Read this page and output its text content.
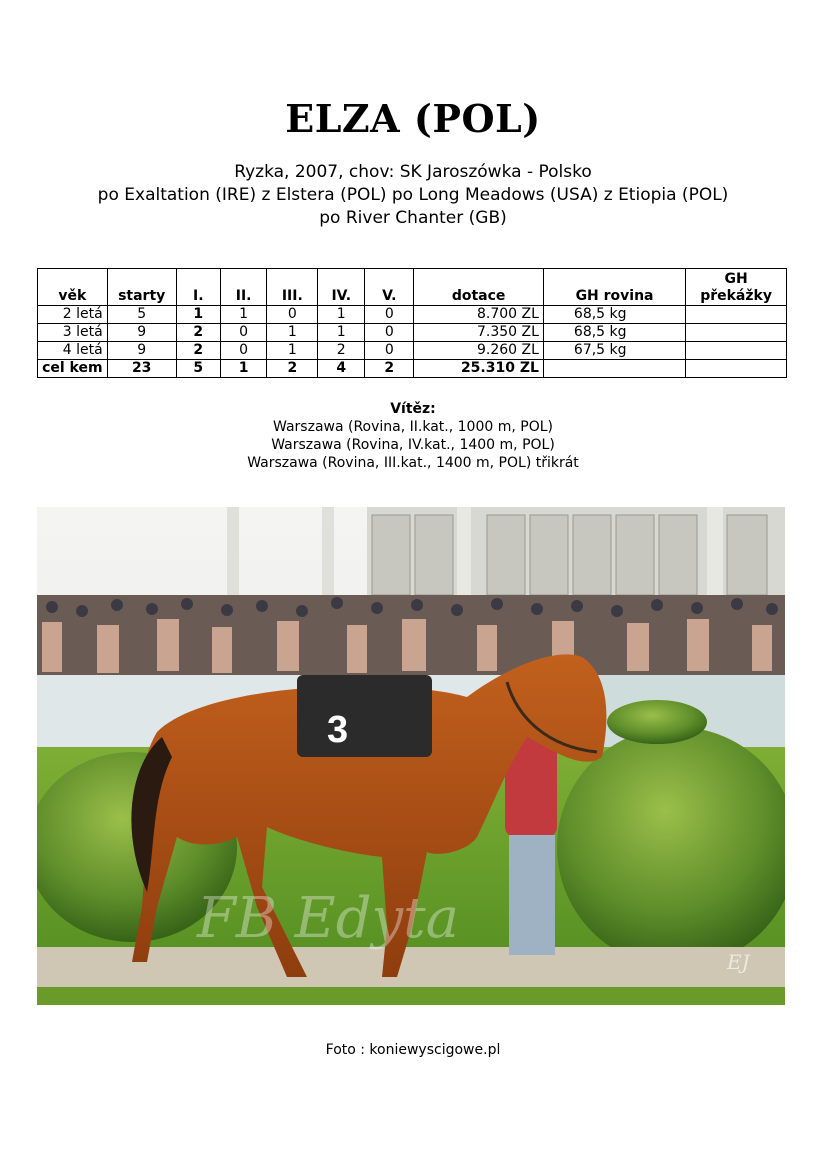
ELZA (POL)
Ryzka, 2007, chov: SK Jaroszówka - Polsko
po Exaltation (IRE) z Elstera (POL) po Long Meadows (USA) z Etiopia (POL)
po River Chanter (GB)
věk	starty	I.	II.	III.	IV.	V.	dotace	GH rovina	GH překážky
2 letá	5	1	1	0	1	0	8.700 ZL	68,5 kg	
3 letá	9	2	0	1	1	0	7.350 ZL	68,5 kg	
4 letá	9	2	0	1	2	0	9.260 ZL	67,5 kg	
cel kem	23	5	1	2	4	2	25.310 ZL		
Vítěz:
Warszawa (Rovina, II.kat., 1000 m, POL)
Warszawa (Rovina, IV.kat., 1400 m, POL)
Warszawa (Rovina, III.kat., 1400 m, POL) třikrát
3
FB Edyta
EJ
Foto : koniewyscigowe.pl
